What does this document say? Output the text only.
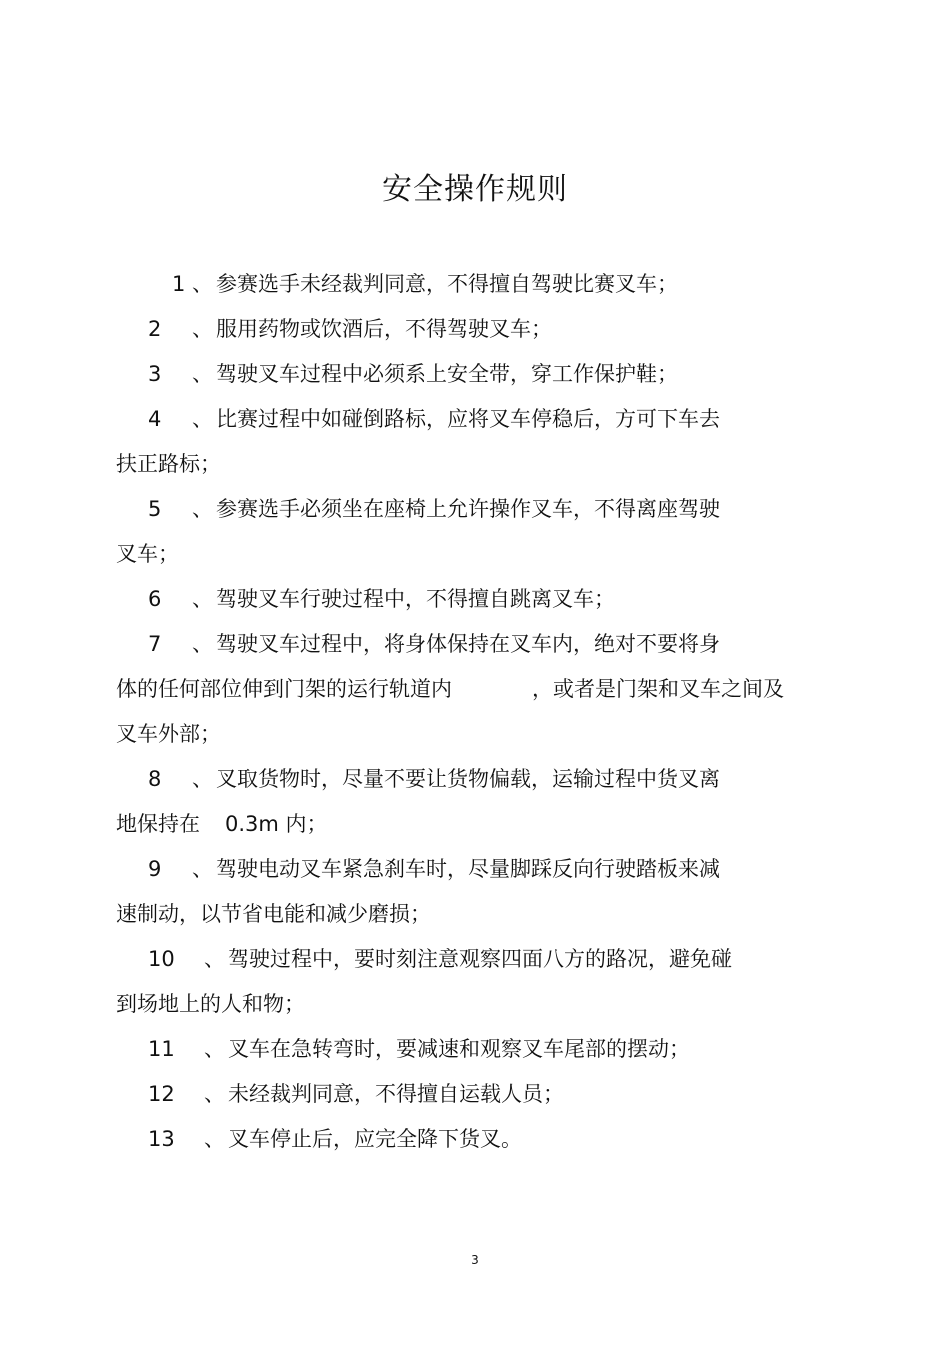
安全操作规则
1 、 参赛选手未经裁判同意，不得擅自驾驶比赛叉车；
2 、 服用药物或饮酒后，不得驾驶叉车；
3 、 驾驶叉车过程中必须系上安全带，穿工作保护鞋；
4 、 比赛过程中如碰倒路标，应将叉车停稳后，方可下车去
扶正路标；
5 、 参赛选手必须坐在座椅上允许操作叉车，不得离座驾驶
叉车；
6 、 驾驶叉车行驶过程中，不得擅自跳离叉车；
7 、 驾驶叉车过程中，将身体保持在叉车内，绝对不要将身
体的任何部位伸到门架的运行轨道内	，或者是门架和叉车之间及
叉车外部；
8 、 叉取货物时，尽量不要让货物偏载，运输过程中货叉离
地保持在 0.3m 内；
9 、 驾驶电动叉车紧急刹车时，尽量脚踩反向行驶踏板来减
速制动，以节省电能和减少磨损；
10 、 驾驶过程中，要时刻注意观察四面八方的路况，避免碰
到场地上的人和物；
11 、 叉车在急转弯时，要减速和观察叉车尾部的摆动；
12 、 未经裁判同意，不得擅自运载人员；
13 、 叉车停止后，应完全降下货叉。
3
